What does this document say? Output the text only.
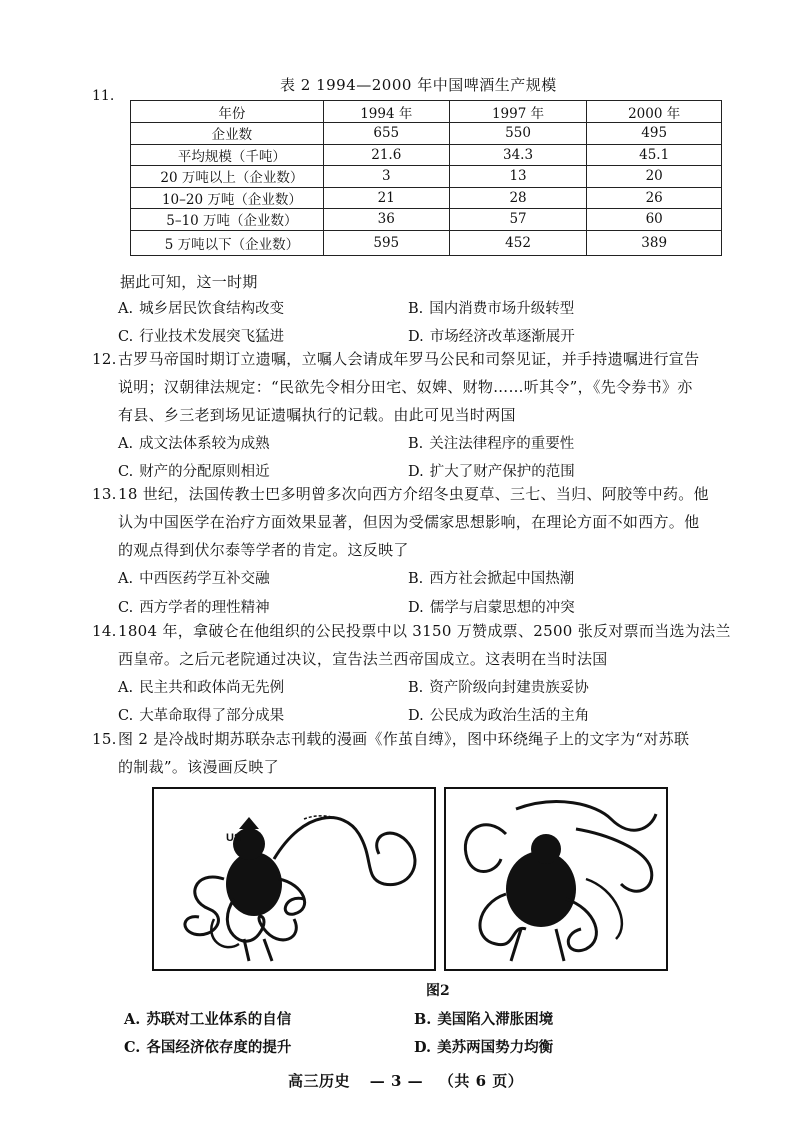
11.
表 2 1994—2000 年中国啤酒生产规模
年份	1994 年	1997 年	2000 年
企业数	655	550	495
平均规模（千吨）	21.6	34.3	45.1
20 万吨以上（企业数）	3	13	20
10–20 万吨（企业数）	21	28	26
5–10 万吨（企业数）	36	57	60
5 万吨以下（企业数）	595	452	389
据此可知，这一时期
A. 城乡居民饮食结构改变	B. 国内消费市场升级转型
C. 行业技术发展突飞猛进	D. 市场经济改革逐渐展开
12. 古罗马帝国时期订立遗嘱，立嘱人会请成年罗马公民和司祭见证，并手持遗嘱进行宣告
说明；汉朝律法规定：“民欲先令相分田宅、奴婢、财物……听其令”，《先令券书》亦
有县、乡三老到场见证遗嘱执行的记载。由此可见当时两国
A. 成文法体系较为成熟	B. 关注法律程序的重要性
C. 财产的分配原则相近	D. 扩大了财产保护的范围
13. 18 世纪，法国传教士巴多明曾多次向西方介绍冬虫夏草、三七、当归、阿胶等中药。他
认为中国医学在治疗方面效果显著，但因为受儒家思想影响，在理论方面不如西方。他
的观点得到伏尔泰等学者的肯定。这反映了
A. 中西医药学互补交融	B. 西方社会掀起中国热潮
C. 西方学者的理性精神	D. 儒学与启蒙思想的冲突
14. 1804 年，拿破仑在他组织的公民投票中以 3150 万赞成票、2500 张反对票而当选为法兰
西皇帝。之后元老院通过决议，宣告法兰西帝国成立。这表明在当时法国
A. 民主共和政体尚无先例	B. 资产阶级向封建贵族妥协
C. 大革命取得了部分成果	D. 公民成为政治生活的主角
15. 图 2 是冷战时期苏联杂志刊载的漫画《作茧自缚》，图中环绕绳子上的文字为“对苏联
的制裁”。该漫画反映了
US
图2
A. 苏联对工业体系的自信	B. 美国陷入滞胀困境
C. 各国经济依存度的提升	D. 美苏两国势力均衡
高三历史 — 3 — （共 6 页）
